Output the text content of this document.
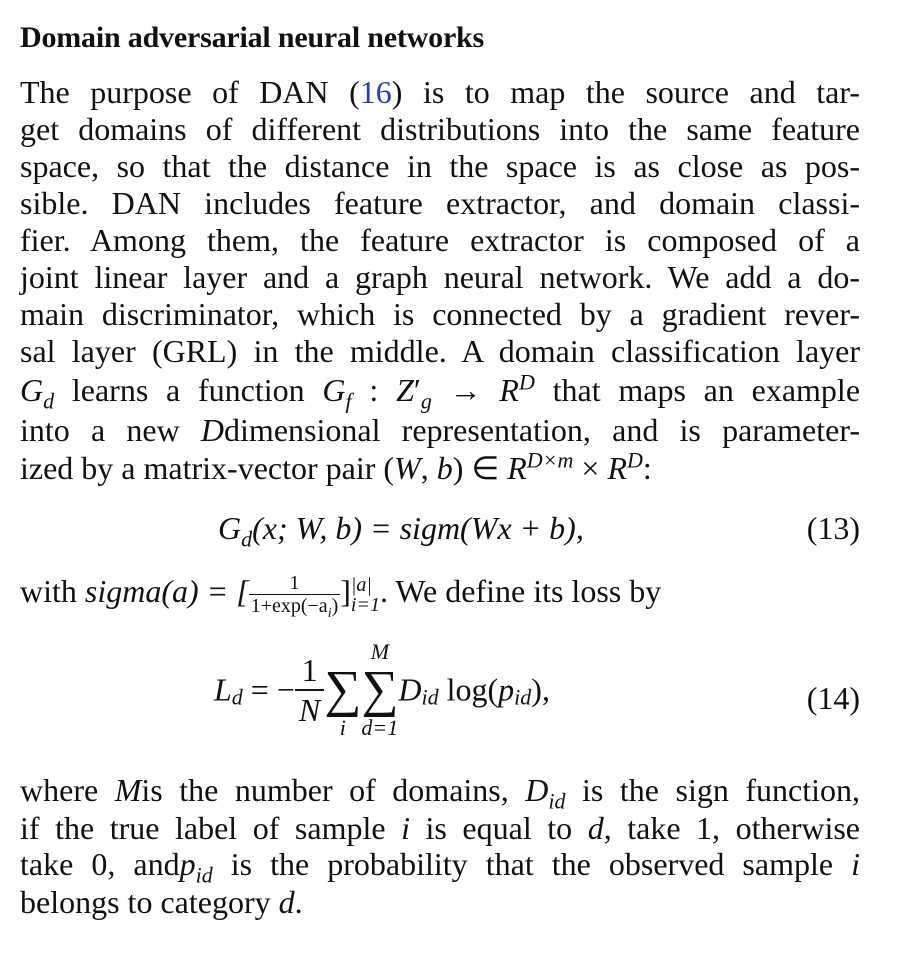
Domain adversarial neural networks
The purpose of DAN (16) is to map the source and tar-
get domains of different distributions into the same feature
space, so that the distance in the space is as close as pos-
sible. DAN includes feature extractor, and domain classi-
fier. Among them, the feature extractor is composed of a
joint linear layer and a graph neural network. We add a do-
main discriminator, which is connected by a gradient rever-
sal layer (GRL) in the middle. A domain classification layer
$G_d$ learns a function $G_f$ : $Z'_g \to R^D$ that maps an example
into a new Ddimensional representation, and is parameter-
ized by a matrix-vector pair (W, b) ∈ $R^{D\times m} \times R^D$:
$G_d(x$; W, b) = sigm(Wx + b),	(13)
with sigma(a) = [ $\frac{1}{1+\exp(-a_i)}$ ] |a|
i=1 . We define its loss by
$L_d$ = − $\frac{1}{N}$ ∑
i
M
∑
d=1
$D_{id}$ $\log(p_{id})$,	(14)
where Mis the number of domains, $D_{id}$ is the sign function,
if the true label of sample i is equal to d, take 1, otherwise
take 0, andp$_{id}$ is the probability that the observed sample i
belongs to category d.
